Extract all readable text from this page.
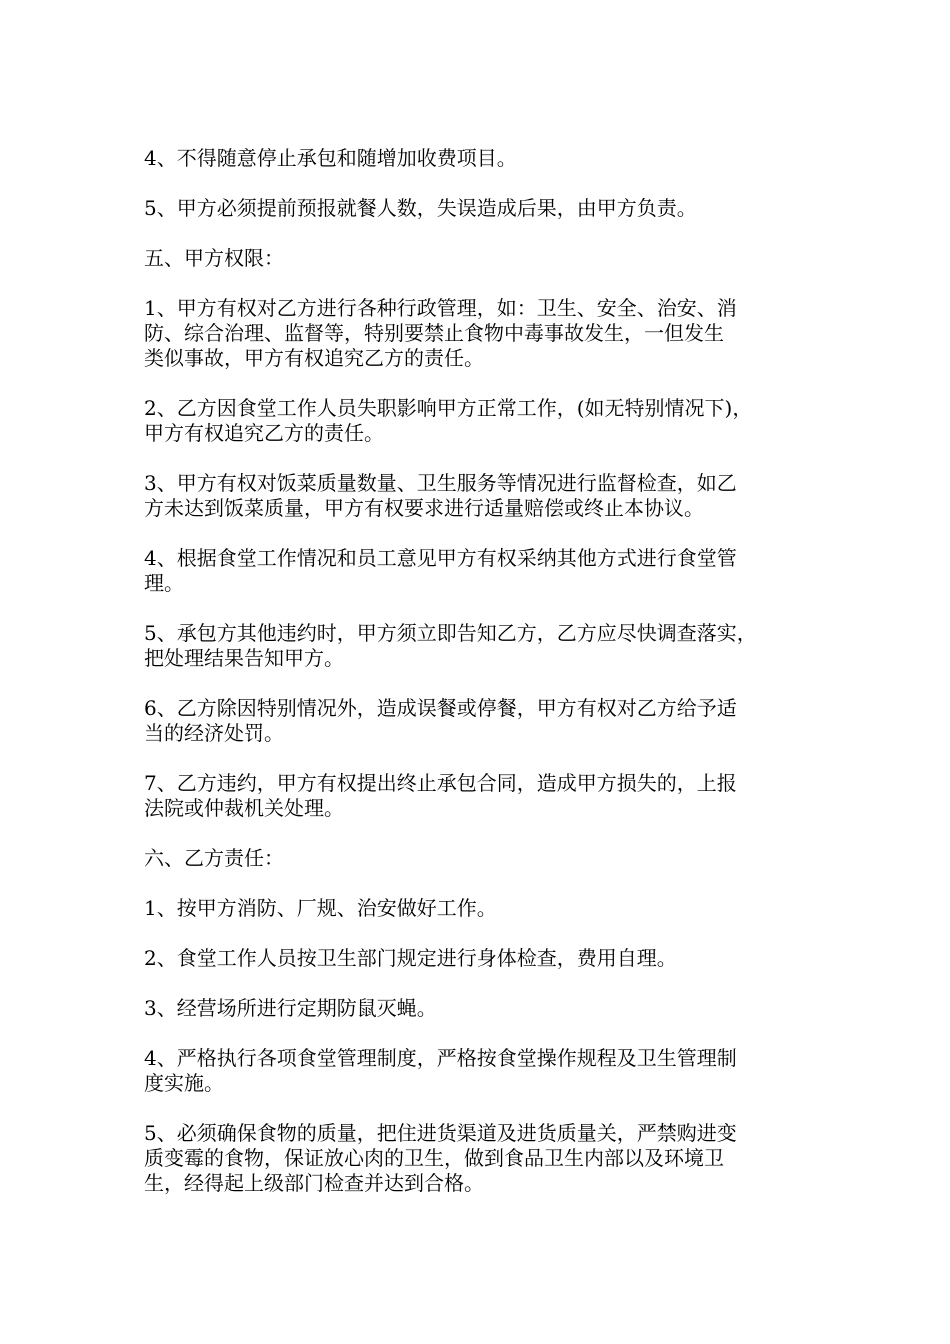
4、不得随意停止承包和随增加收费项目。

5、甲方必须提前预报就餐人数，失误造成后果，由甲方负责。

五、甲方权限：

1、甲方有权对乙方进行各种行政管理，如：卫生、安全、治安、消
防、综合治理、监督等，特别要禁止食物中毒事故发生，一但发生
类似事故，甲方有权追究乙方的责任。

2、乙方因食堂工作人员失职影响甲方正常工作，(如无特别情况下)，
甲方有权追究乙方的责任。

3、甲方有权对饭菜质量数量、卫生服务等情况进行监督检查，如乙
方未达到饭菜质量，甲方有权要求进行适量赔偿或终止本协议。

4、根据食堂工作情况和员工意见甲方有权采纳其他方式进行食堂管
理。

5、承包方其他违约时，甲方须立即告知乙方，乙方应尽快调查落实，
把处理结果告知甲方。

6、乙方除因特别情况外，造成误餐或停餐，甲方有权对乙方给予适
当的经济处罚。

7、乙方违约，甲方有权提出终止承包合同，造成甲方损失的，上报
法院或仲裁机关处理。

六、乙方责任：

1、按甲方消防、厂规、治安做好工作。

2、食堂工作人员按卫生部门规定进行身体检查，费用自理。

3、经营场所进行定期防鼠灭蝇。

4、严格执行各项食堂管理制度，严格按食堂操作规程及卫生管理制
度实施。

5、必须确保食物的质量，把住进货渠道及进货质量关，严禁购进变
质变霉的食物，保证放心肉的卫生，做到食品卫生内部以及环境卫
生，经得起上级部门检查并达到合格。
